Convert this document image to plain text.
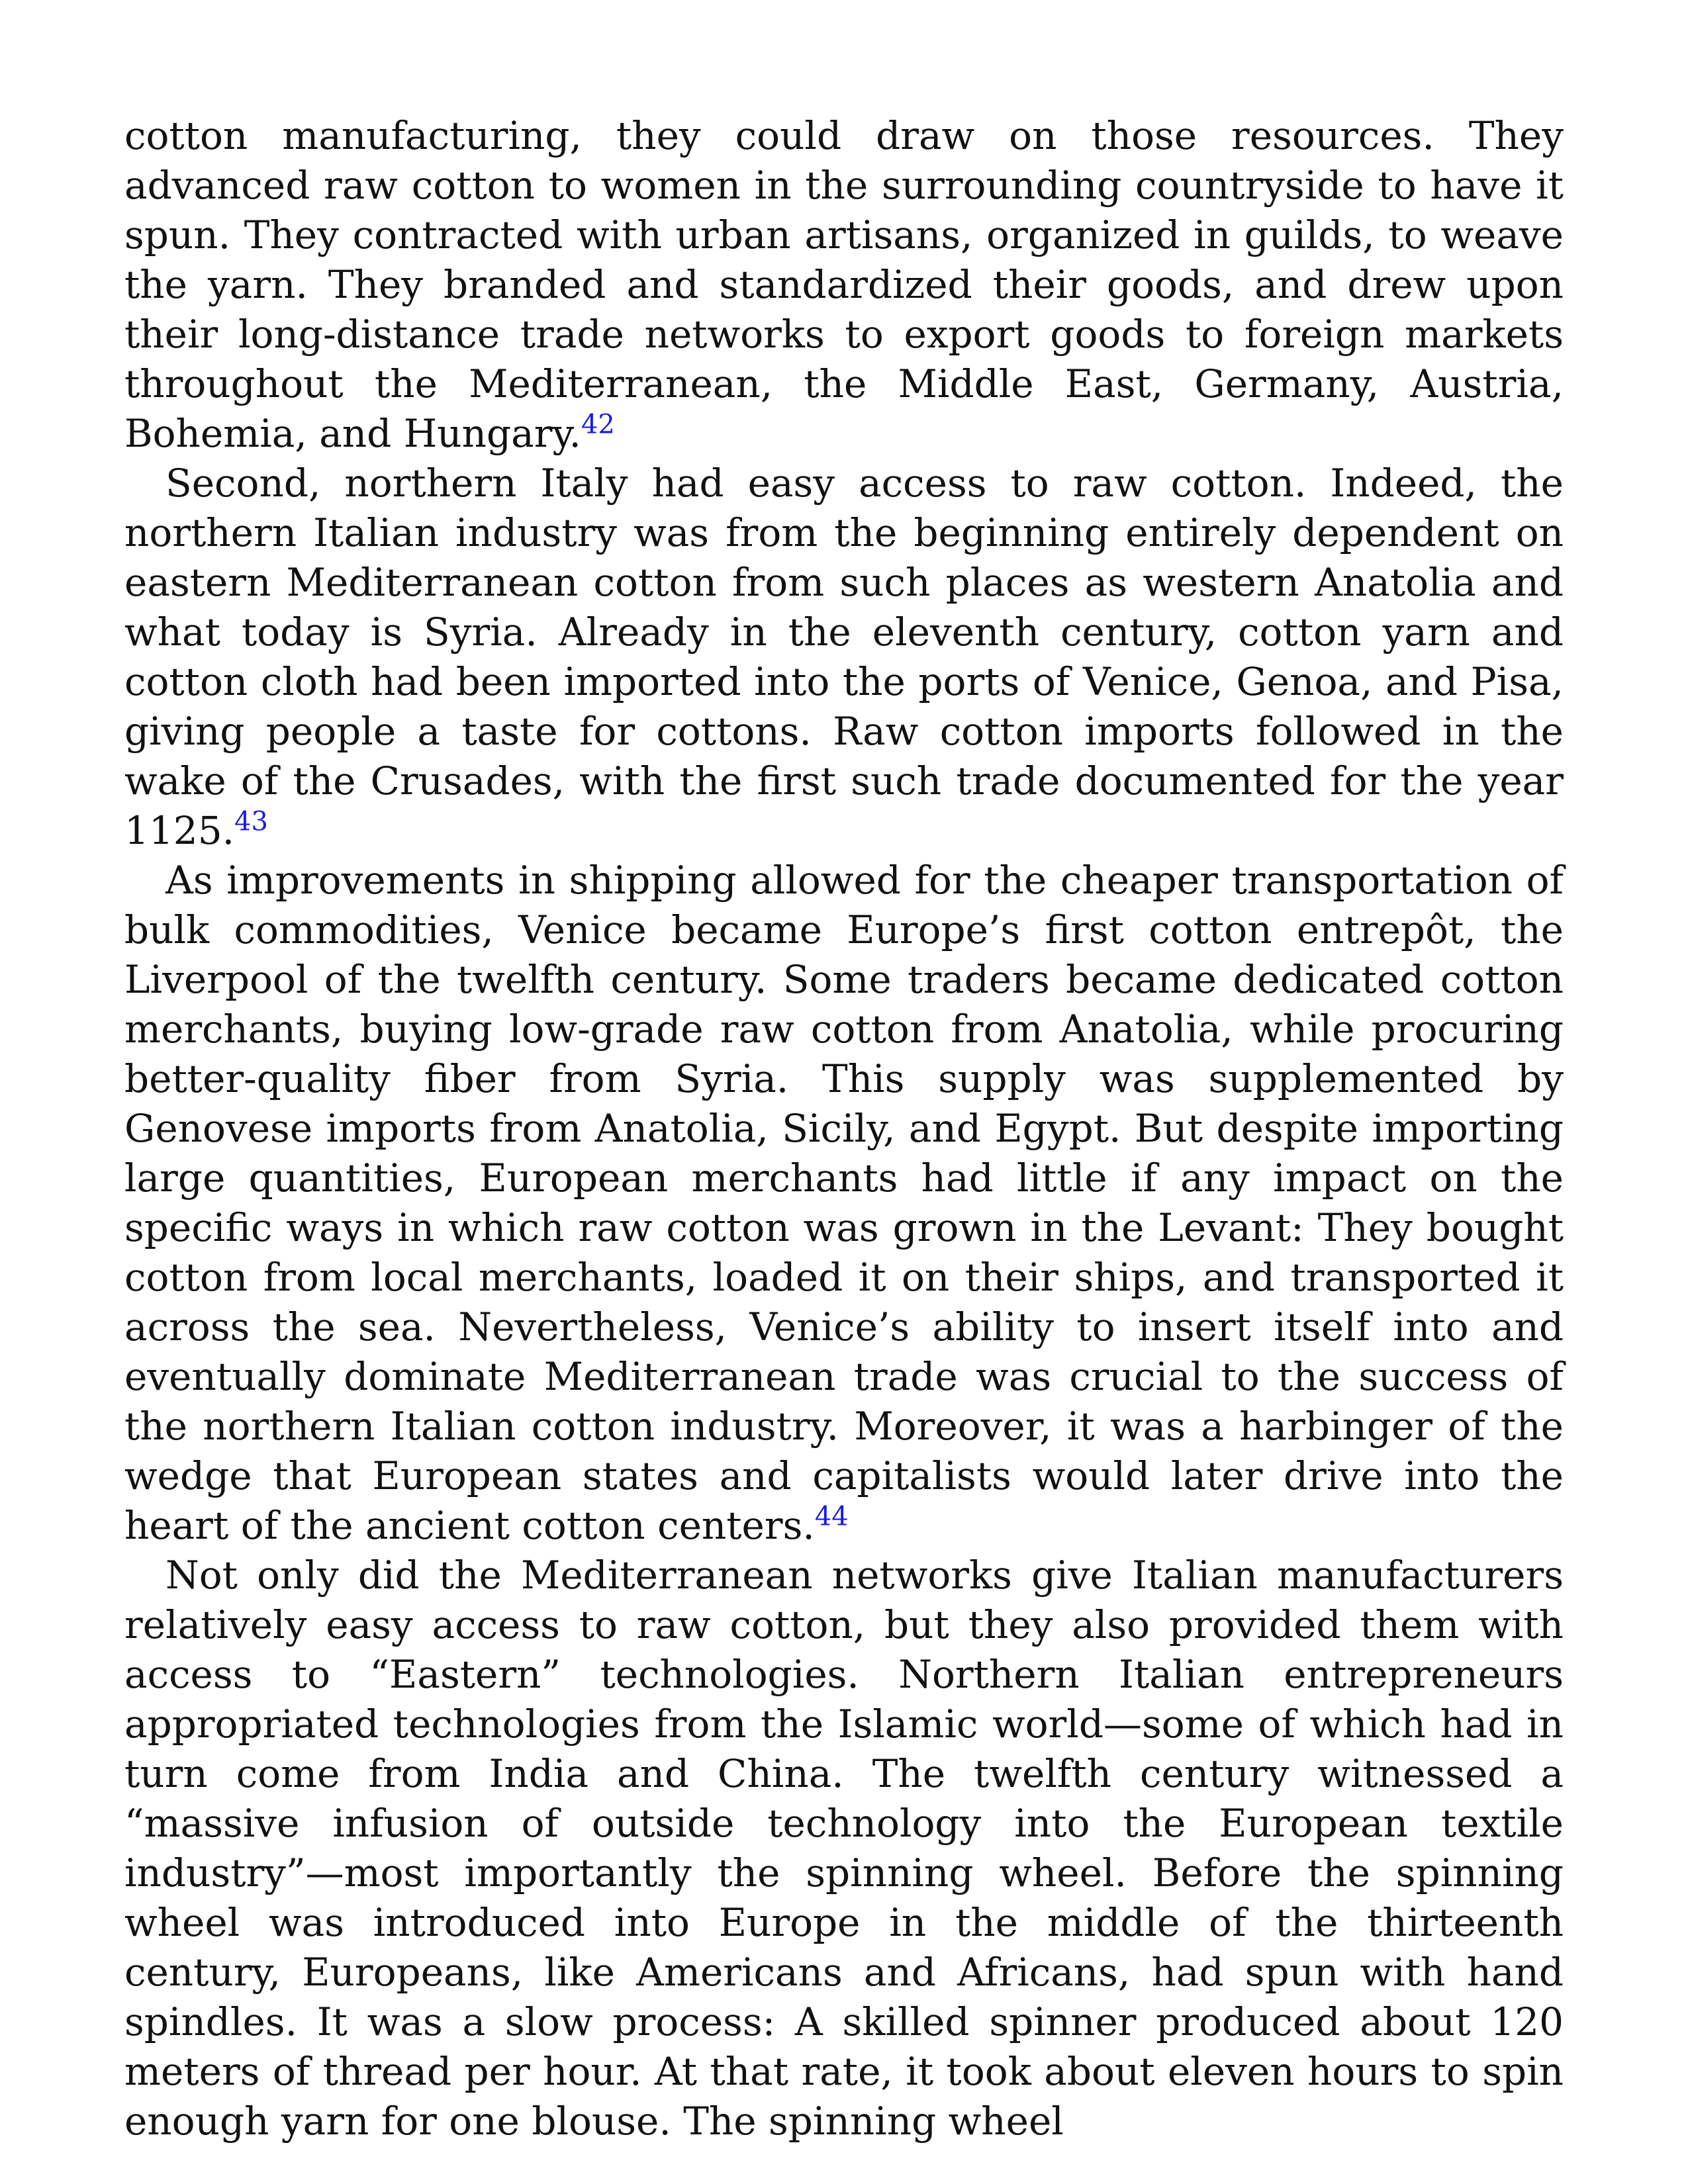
cotton manufacturing, they could draw on those resources. They advanced raw cotton to women in the surrounding countryside to have it spun. They contracted with urban artisans, organized in guilds, to weave the yarn. They branded and standardized their goods, and drew upon their long-distance trade networks to export goods to foreign markets throughout the Mediterranean, the Middle East, Germany, Austria, Bohemia, and Hungary.$^{42}$

Second, northern Italy had easy access to raw cotton. Indeed, the northern Italian industry was from the beginning entirely dependent on eastern Mediterranean cotton from such places as western Anatolia and what today is Syria. Already in the eleventh century, cotton yarn and cotton cloth had been imported into the ports of Venice, Genoa, and Pisa, giving people a taste for cottons. Raw cotton imports followed in the wake of the Crusades, with the first such trade documented for the year 1125.43

As improvements in shipping allowed for the cheaper transportation of bulk commodities, Venice became Europe’s first cotton entrepôt, the Liverpool of the twelfth century. Some traders became dedicated cotton merchants, buying low-grade raw cotton from Anatolia, while procuring better-quality fiber from Syria. This supply was supplemented by Genovese imports from Anatolia, Sicily, and Egypt. But despite importing large quantities, European merchants had little if any impact on the specific ways in which raw cotton was grown in the Levant: They bought cotton from local merchants, loaded it on their ships, and transported it across the sea. Nevertheless, Venice’s ability to insert itself into and eventually dominate Mediterranean trade was crucial to the success of the northern Italian cotton industry. Moreover, it was a harbinger of the wedge that European states and capitalists would later drive into the heart of the ancient cotton centers.$^{44}$

Not only did the Mediterranean networks give Italian manufacturers relatively easy access to raw cotton, but they also provided them with access to “Eastern” technologies. Northern Italian entrepreneurs appropriated technologies from the Islamic world—some of which had in turn come from India and China. The twelfth century witnessed a “massive infusion of outside technology into the European textile industry”—most importantly the spinning wheel. Before the spinning wheel was introduced into Europe in the middle of the thirteenth century, Europeans, like Americans and Africans, had spun with hand spindles. It was a slow process: A skilled spinner produced about 120 meters of thread per hour. At that rate, it took about eleven hours to spin enough yarn for one blouse. The spinning wheel
